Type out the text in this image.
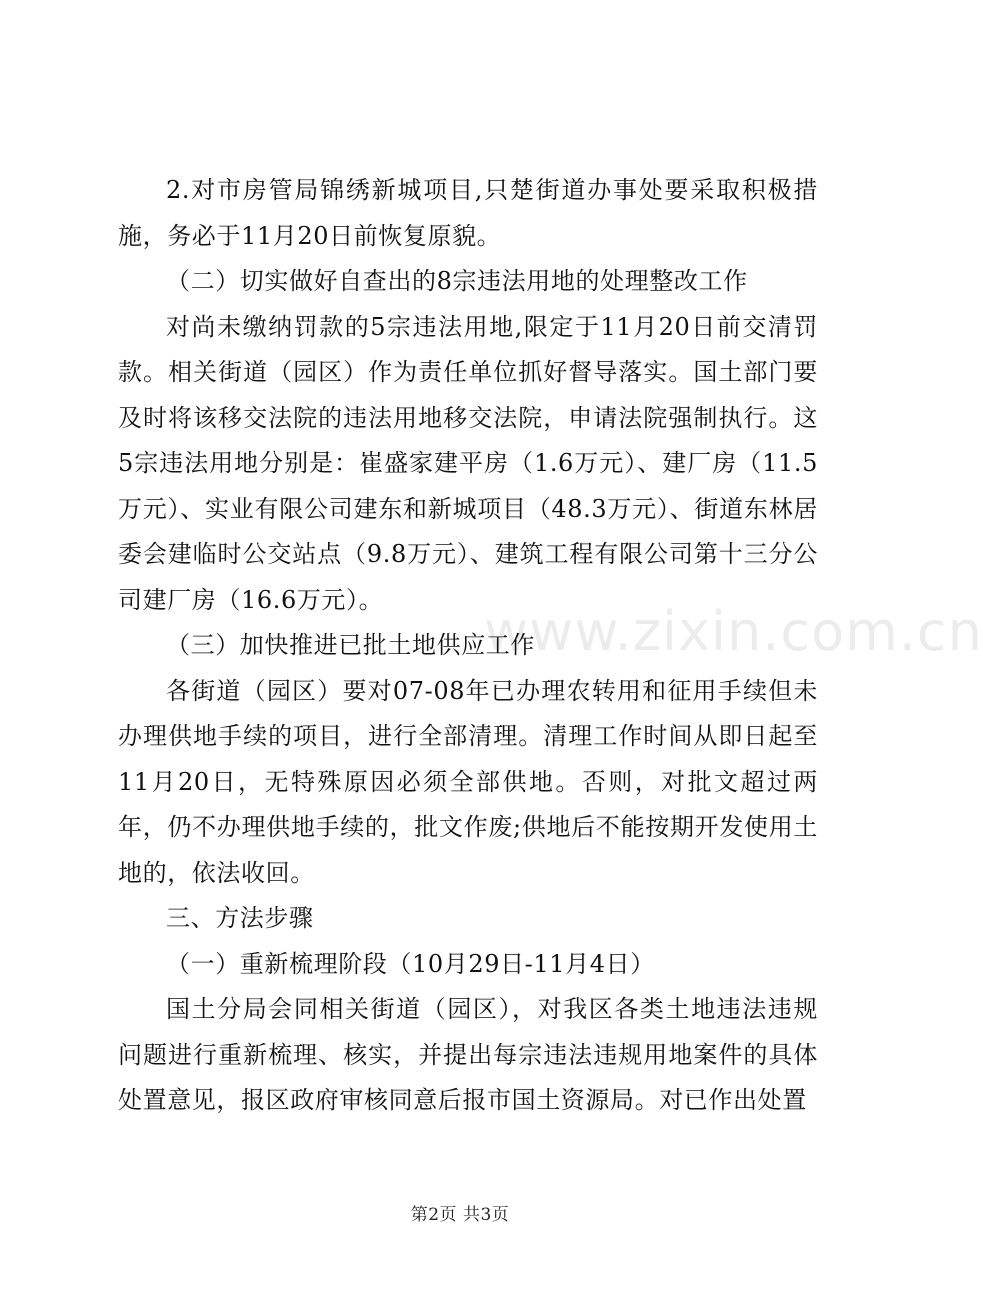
2.对市房管局锦绣新城项目,只楚街道办事处要采取积极措施，务必于11月20日前恢复原貌。

（二）切实做好自查出的8宗违法用地的处理整改工作

对尚未缴纳罚款的5宗违法用地,限定于11月20日前交清罚款。相关街道（园区）作为责任单位抓好督导落实。国土部门要及时将该移交法院的违法用地移交法院，申请法院强制执行。这5宗违法用地分别是：崔盛家建平房（1.6万元）、建厂房（11.5万元）、实业有限公司建东和新城项目（48.3万元）、街道东林居委会建临时公交站点（9.8万元）、建筑工程有限公司第十三分公司建厂房（16.6万元）。

（三）加快推进已批土地供应工作

各街道（园区）要对07-08年已办理农转用和征用手续但未办理供地手续的项目，进行全部清理。清理工作时间从即日起至11月20日，无特殊原因必须全部供地。否则，对批文超过两年，仍不办理供地手续的，批文作废;供地后不能按期开发使用土地的，依法收回。

三、方法步骤

（一）重新梳理阶段（10月29日-11月4日）

国土分局会同相关街道（园区），对我区各类土地违法违规问题进行重新梳理、核实，并提出每宗违法违规用地案件的具体处置意见，报区政府审核同意后报市国土资源局。对已作出处置

www.zixin.com.cn
第2页 共3页
